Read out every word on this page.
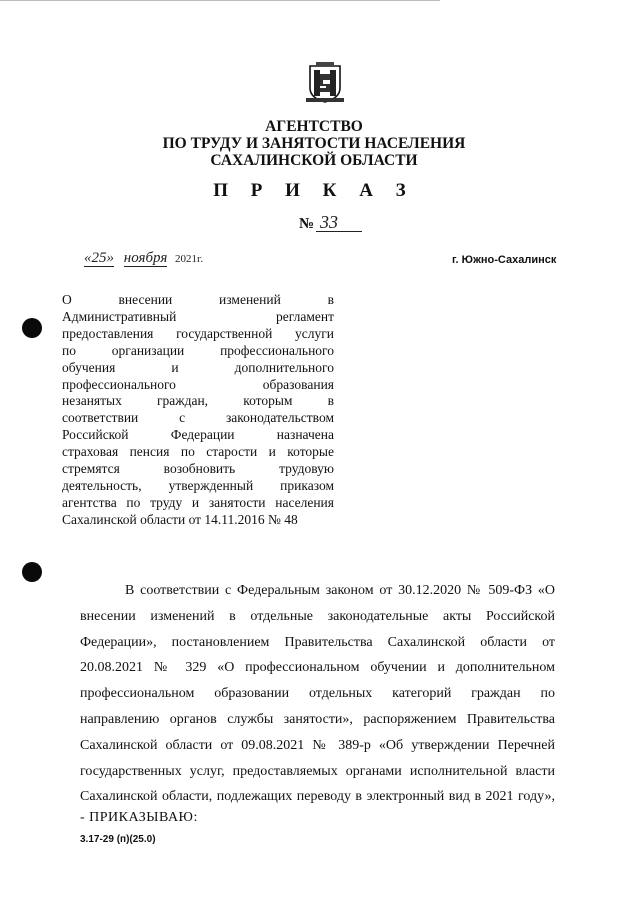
АГЕНТСТВО
ПО ТРУДУ И ЗАНЯТОСТИ НАСЕЛЕНИЯ
САХАЛИНСКОЙ ОБЛАСТИ
П Р И К А З
№ 33
«25» ноября 2021г.	г. Южно-Сахалинск
О внесении изменений в
Административный регламент
предоставления государственной услуги
по организации профессионального
обучения и дополнительного
профессионального образования
незанятых граждан, которым в
соответствии с законодательством
Российской Федерации назначена
страховая пенсия по старости и которые
стремятся возобновить трудовую
деятельность, утвержденный приказом
агентства по труду и занятости населения
Сахалинской области от 14.11.2016 № 48
В соответствии с Федеральным законом от 30.12.2020 № 509-ФЗ «О
внесении изменений в отдельные законодательные акты Российской
Федерации», постановлением Правительства Сахалинской области от
20.08.2021 № 329 «О профессиональном обучении и дополнительном
профессиональном образовании отдельных категорий граждан по
направлению органов службы занятости», распоряжением Правительства
Сахалинской области от 09.08.2021 № 389-р «Об утверждении Перечней
государственных услуг, предоставляемых органами исполнительной власти
Сахалинской области, подлежащих переводу в электронный вид в 2021 году»,
- ПРИКАЗЫВАЮ:
3.17-29 (п)(25.0)
